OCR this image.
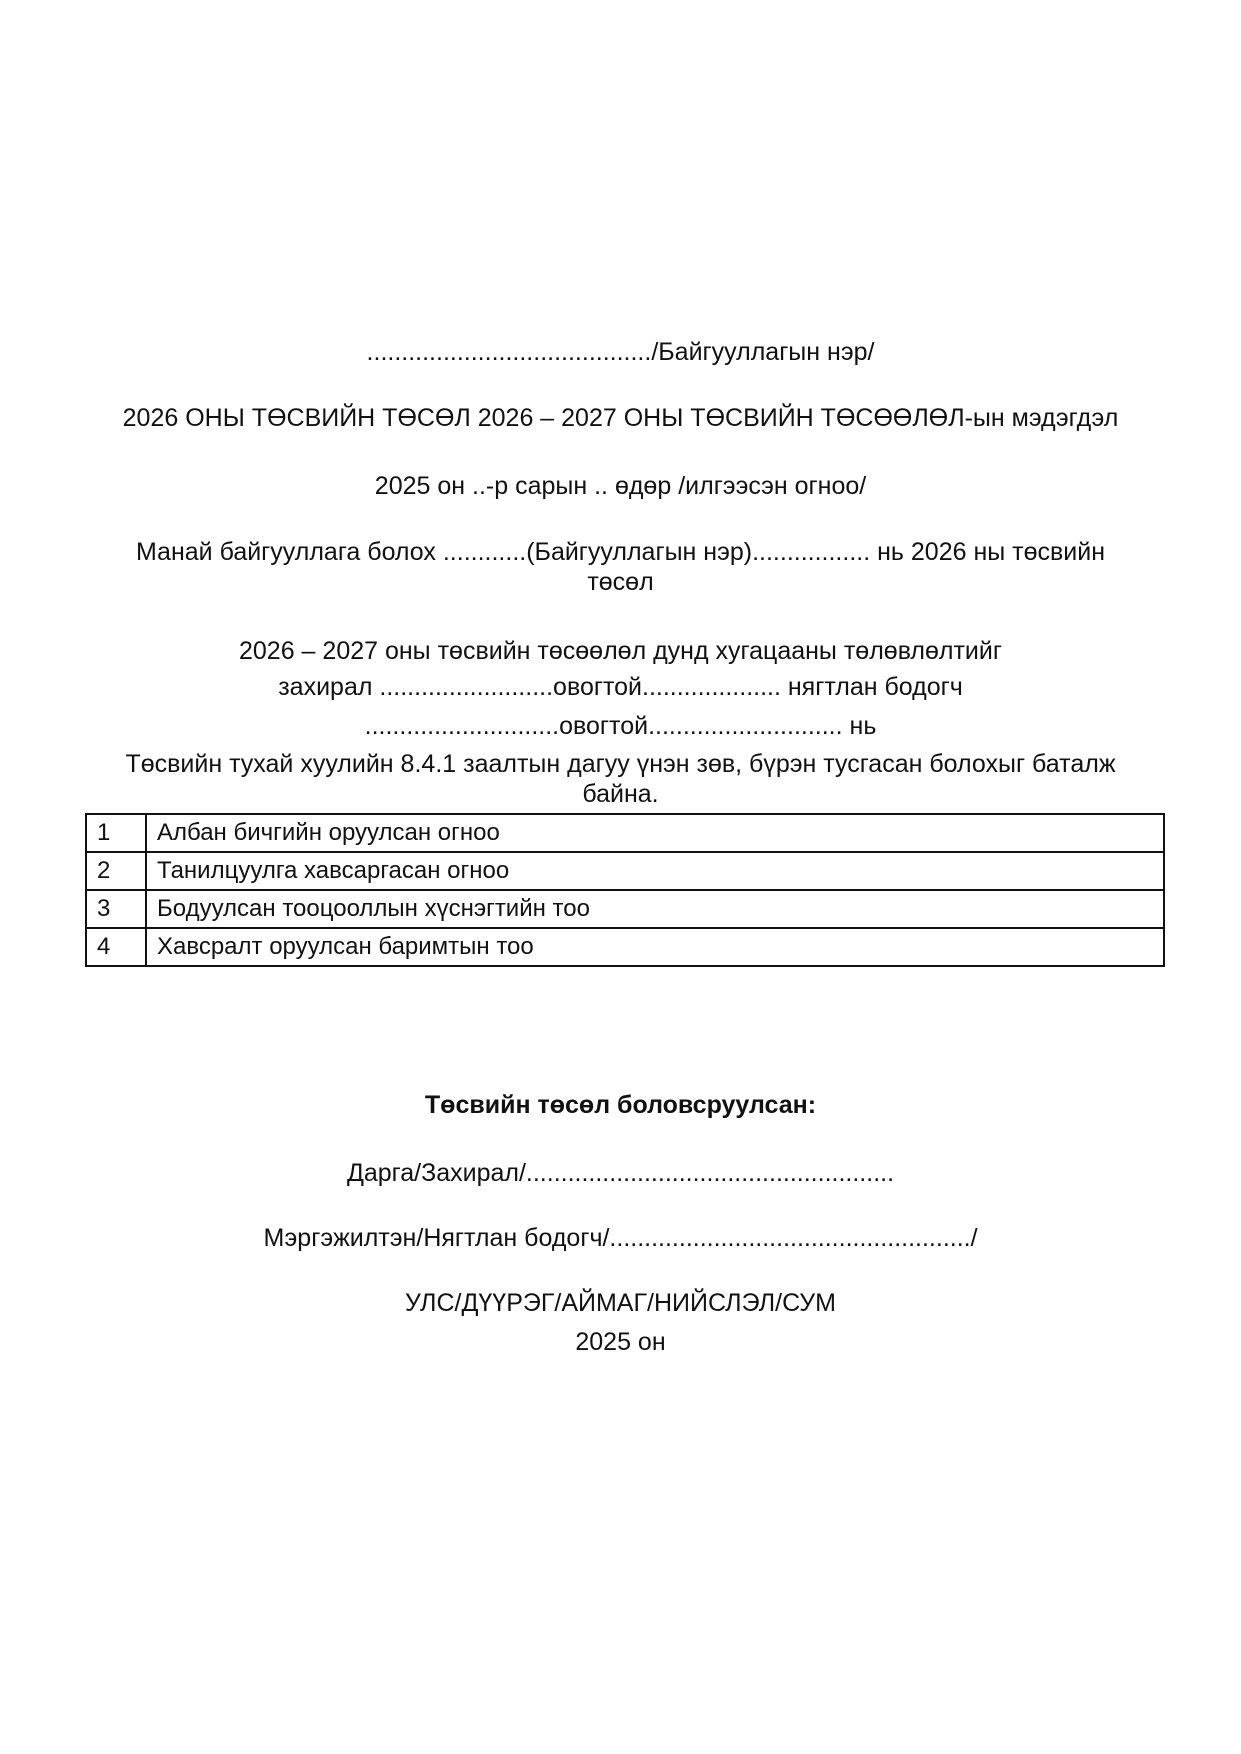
........................................./Байгууллагын нэр/
2026 ОНЫ ТӨСВИЙН ТӨСӨЛ 2026 – 2027 ОНЫ ТӨСВИЙН ТӨСӨӨЛӨЛ-ын мэдэгдэл
2025 он ..-р сарын .. өдөр /илгээсэн огноо/
Манай байгууллага болох ............(Байгууллагын нэр)................. нь 2026 ны төсвийн төсөл
2026 – 2027 оны төсвийн төсөөлөл дунд хугацааны төлөвлөлтийг
захирал .........................овогтой.................... нягтлан бодогч
............................овогтой............................ нь
Төсвийн тухай хуулийн 8.4.1 заалтын дагуу үнэн зөв, бүрэн тусгасан болохыг баталж байна.
1	Албан бичгийн оруулсан огноо
2	Танилцуулга хавсаргасан огноо
3	Бодуулсан тооцооллын хүснэгтийн тоо
4	Хавсралт оруулсан баримтын тоо
Төсвийн төсөл боловсруулсан:
Дарга/Захирал/.....................................................
Мэргэжилтэн/Нягтлан бодогч/..................................................../
УЛС/ДҮҮРЭГ/АЙМАГ/НИЙСЛЭЛ/СУМ
2025 он
